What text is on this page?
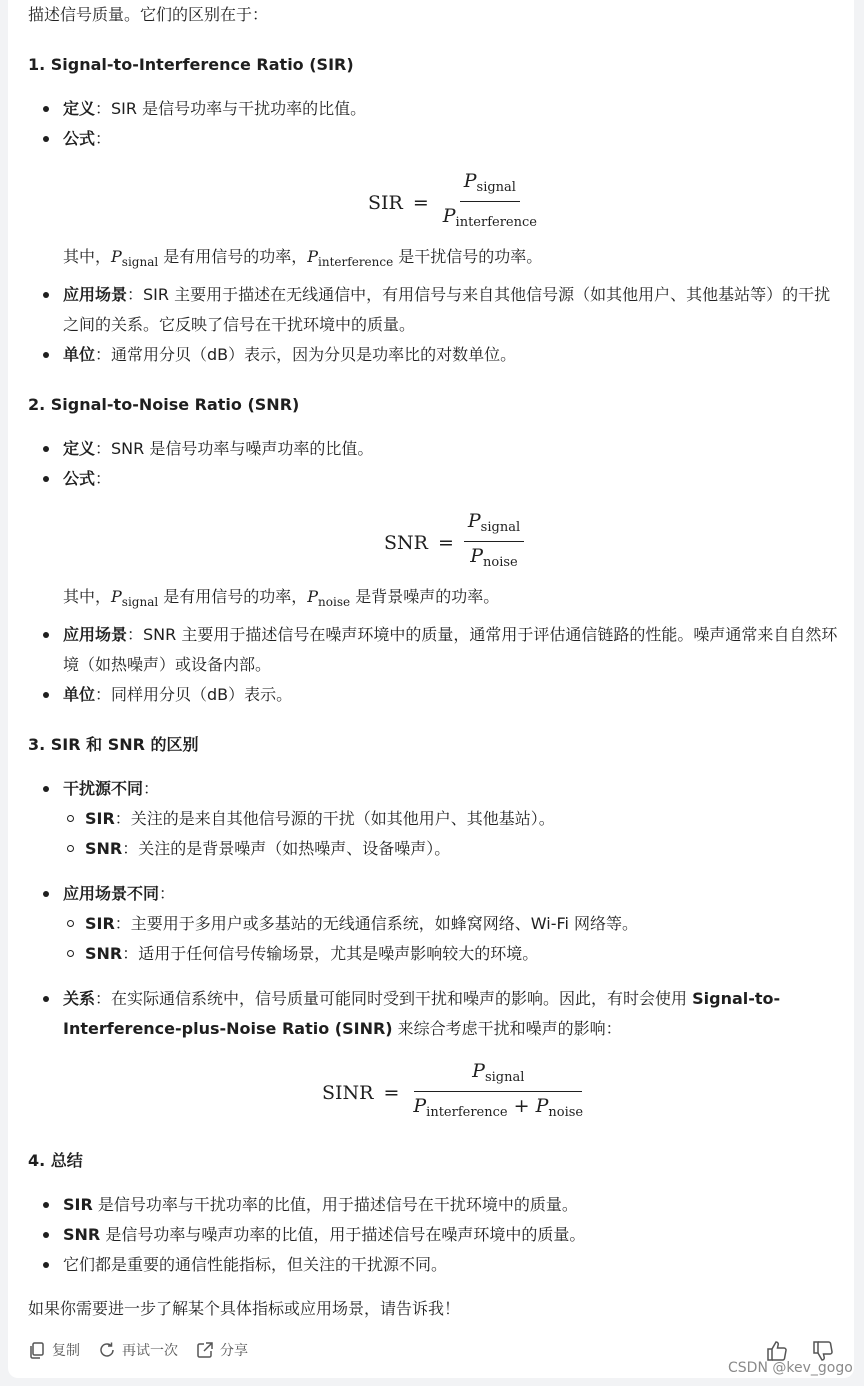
描述信号质量。它们的区别在于：
1. Signal-to-Interference Ratio (SIR)
定义：SIR 是信号功率与干扰功率的比值。
公式：
SIR = $\frac{P_{signal}}{P_{interference}}$
其中，$P_{signal}$ 是有用信号的功率，$P_{interference}$ 是干扰信号的功率。
应用场景：SIR 主要用于描述在无线通信中，有用信号与来自其他信号源（如其他用户、其他基站等）的干扰之间的关系。它反映了信号在干扰环境中的质量。
单位：通常用分贝（dB）表示，因为分贝是功率比的对数单位。
2. Signal-to-Noise Ratio (SNR)
定义：SNR 是信号功率与噪声功率的比值。
公式：
SNR = $\frac{P_{signal}}{P_{noise}}$
其中，$P_{signal}$ 是有用信号的功率，$P_{noise}$ 是背景噪声的功率。
应用场景：SNR 主要用于描述信号在噪声环境中的质量，通常用于评估通信链路的性能。噪声通常来自自然环境（如热噪声）或设备内部。
单位：同样用分贝（dB）表示。
3. SIR 和 SNR 的区别
干扰源不同：
SIR：关注的是来自其他信号源的干扰（如其他用户、其他基站）。
SNR：关注的是背景噪声（如热噪声、设备噪声）。
应用场景不同：
SIR：主要用于多用户或多基站的无线通信系统，如蜂窝网络、Wi-Fi 网络等。
SNR：适用于任何信号传输场景，尤其是噪声影响较大的环境。
关系：在实际通信系统中，信号质量可能同时受到干扰和噪声的影响。因此，有时会使用 Signal-to-Interference-plus-Noise Ratio (SINR) 来综合考虑干扰和噪声的影响：
SINR = $\frac{P_{signal}}{P_{interference} + P_{noise}}$
4. 总结
SIR 是信号功率与干扰功率的比值，用于描述信号在干扰环境中的质量。
SNR 是信号功率与噪声功率的比值，用于描述信号在噪声环境中的质量。
它们都是重要的通信性能指标，但关注的干扰源不同。
如果你需要进一步了解某个具体指标或应用场景，请告诉我！
复制	再试一次	分享
CSDN @kev_gogo
